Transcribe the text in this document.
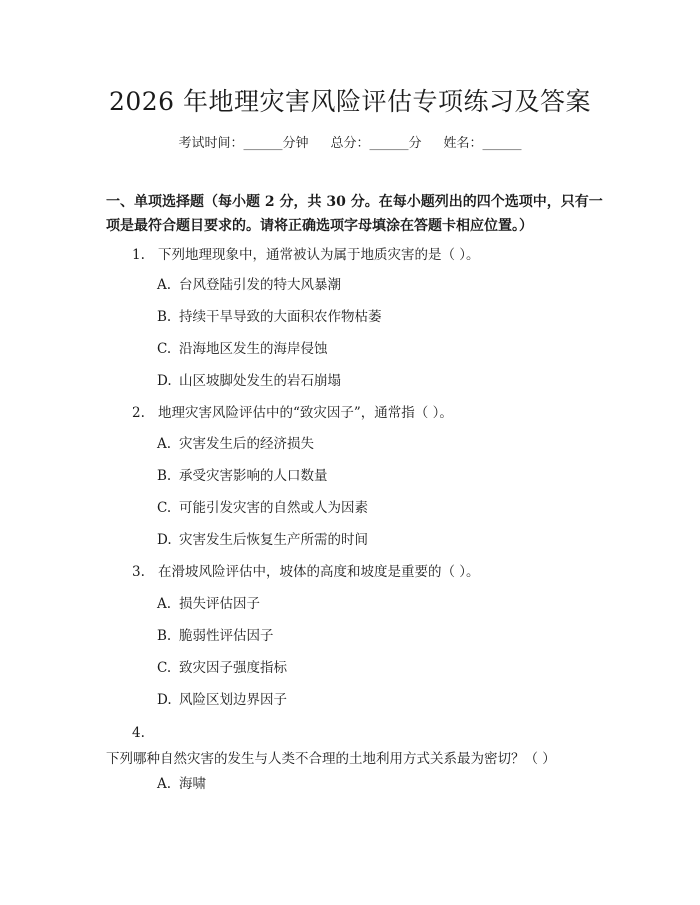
2026 年地理灾害风险评估专项练习及答案
考试时间：______分钟 总分：______分 姓名：______
一、单项选择题（每小题 2 分，共 30 分。在每小题列出的四个选项中，只有一项是最符合题目要求的。请将正确选项字母填涂在答题卡相应位置。）
1. 下列地理现象中，通常被认为属于地质灾害的是（ ）。
A. 台风登陆引发的特大风暴潮
B. 持续干旱导致的大面积农作物枯萎
C. 沿海地区发生的海岸侵蚀
D. 山区坡脚处发生的岩石崩塌
2. 地理灾害风险评估中的“致灾因子”，通常指（ ）。
A. 灾害发生后的经济损失
B. 承受灾害影响的人口数量
C. 可能引发灾害的自然或人为因素
D. 灾害发生后恢复生产所需的时间
3. 在滑坡风险评估中，坡体的高度和坡度是重要的（ ）。
A. 损失评估因子
B. 脆弱性评估因子
C. 致灾因子强度指标
D. 风险区划边界因子
4.下列哪种自然灾害的发生与人类不合理的土地利用方式关系最为密切？（ ）
A. 海啸
